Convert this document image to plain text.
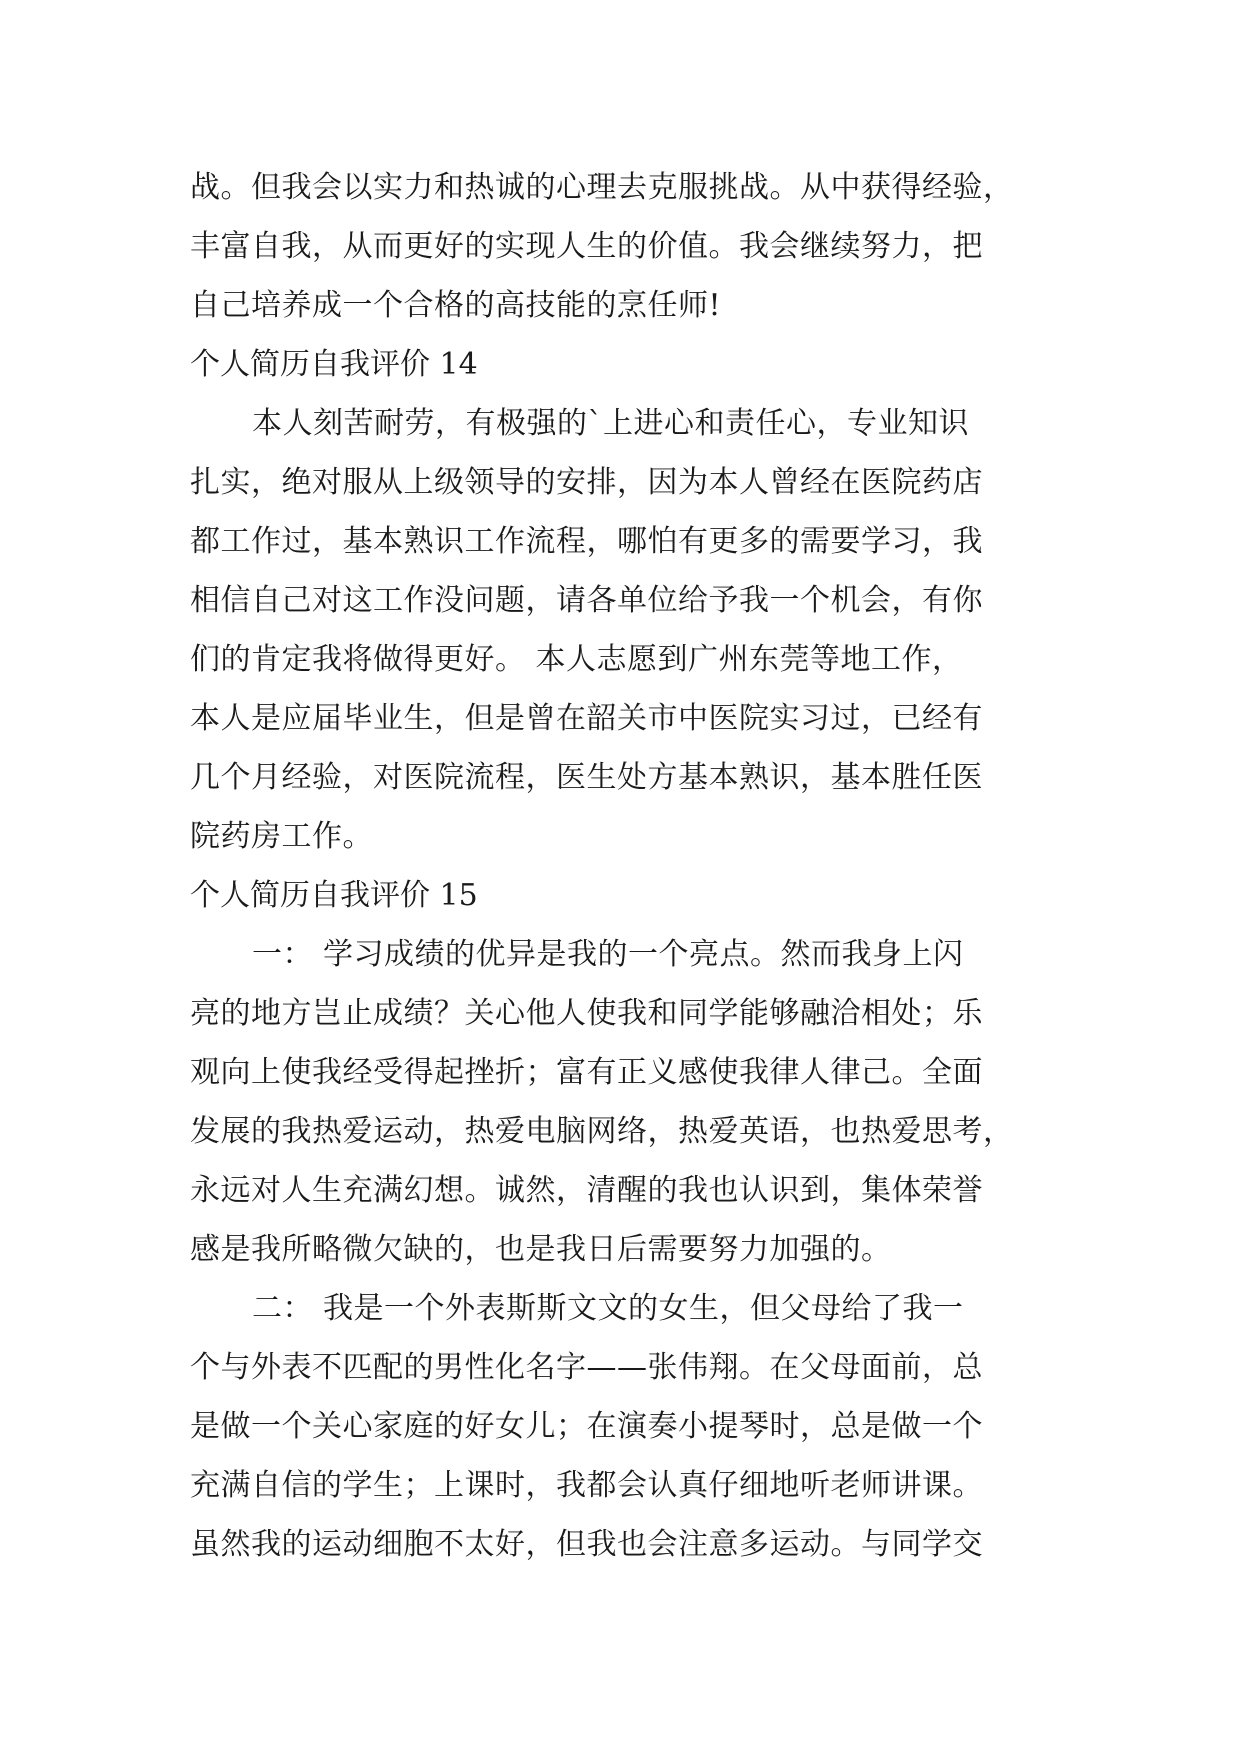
战。但我会以实力和热诚的心理去克服挑战。从中获得经验，
丰富自我，从而更好的实现人生的价值。我会继续努力，把
自己培养成一个合格的高技能的烹任师!
个人简历自我评价 14
本人刻苦耐劳，有极强的`上进心和责任心，专业知识
扎实，绝对服从上级领导的安排，因为本人曾经在医院药店
都工作过，基本熟识工作流程，哪怕有更多的需要学习，我
相信自己对这工作没问题，请各单位给予我一个机会，有你
们的肯定我将做得更好。 本人志愿到广州东莞等地工作，
本人是应届毕业生，但是曾在韶关市中医院实习过，已经有
几个月经验，对医院流程，医生处方基本熟识，基本胜任医
院药房工作。
个人简历自我评价 15
一： 学习成绩的优异是我的一个亮点。然而我身上闪
亮的地方岂止成绩？关心他人使我和同学能够融洽相处；乐
观向上使我经受得起挫折；富有正义感使我律人律己。全面
发展的我热爱运动，热爱电脑网络，热爱英语，也热爱思考，
永远对人生充满幻想。诚然，清醒的我也认识到，集体荣誉
感是我所略微欠缺的，也是我日后需要努力加强的。
二： 我是一个外表斯斯文文的女生，但父母给了我一
个与外表不匹配的男性化名字——张伟翔。在父母面前，总
是做一个关心家庭的好女儿；在演奏小提琴时，总是做一个
充满自信的学生；上课时，我都会认真仔细地听老师讲课。
虽然我的运动细胞不太好，但我也会注意多运动。与同学交
